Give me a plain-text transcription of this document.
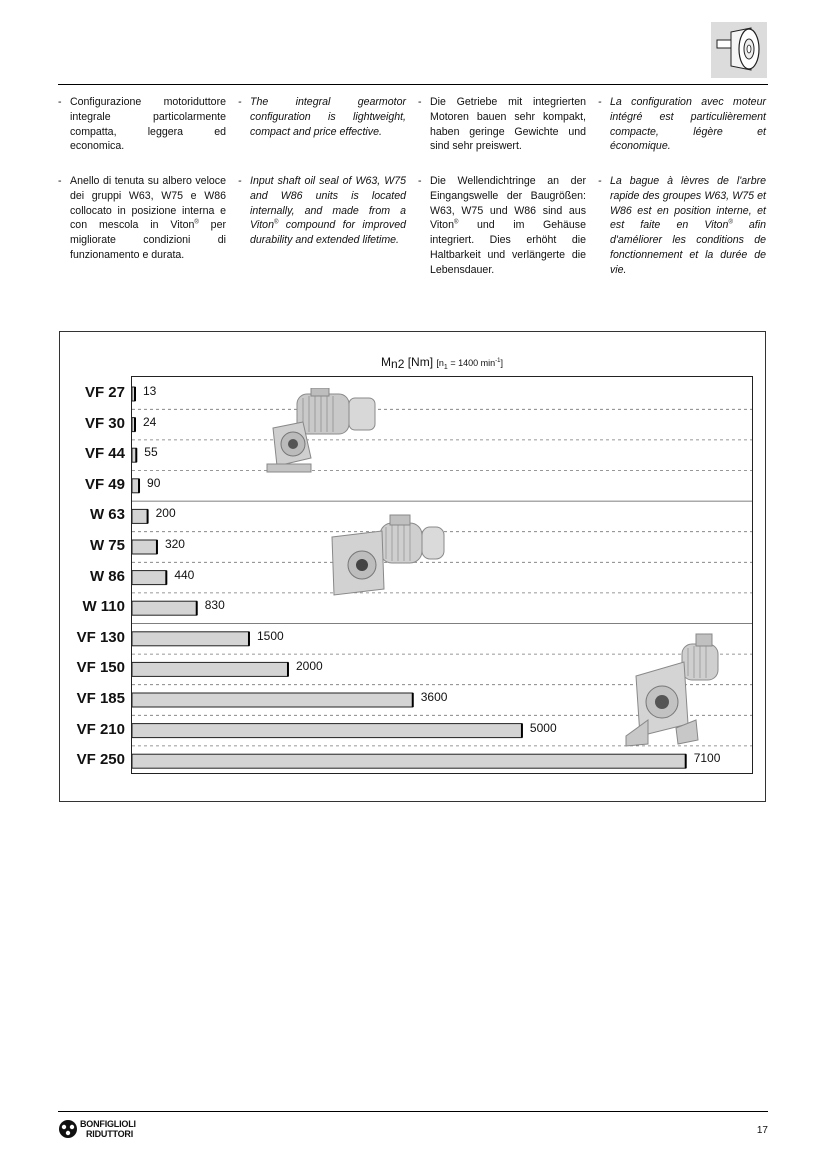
- Configurazione motoriduttore integrale particolarmente compatta, leggera ed economica.
- Anello di tenuta su albero veloce dei gruppi W63, W75 e W86 collocato in posizione interna e con mescola in Viton® per migliorate condizioni di funzionamento e durata.
- The integral gearmotor configuration is lightweight, compact and price effective.
- Input shaft oil seal of W63, W75 and W86 units is located internally, and made from a Viton® compound for improved durability and extended lifetime.
- Die Getriebe mit integrierten Motoren bauen sehr kompakt, haben geringe Gewichte und sind sehr preiswert.
- Die Wellendichtringe an der Eingangswelle der Baugrößen: W63, W75 und W86 sind aus Viton® und im Gehäuse integriert. Dies erhöht die Haltbarkeit und verlängerte die Lebensdauer.
- La configuration avec moteur intégré est particulièrement compacte, légère et économique.
- La bague à lèvres de l'arbre rapide des groupes W63, W75 et W86 est en position interne, et est faite en Viton® afin d'améliorer les conditions de fonctionnement et la durée de vie.
Mn2 [Nm] [$n_1 = 1400$ $\min^{-1}$]
VF 27
VF 30
VF 44
VF 49
W 63
W 75
W 86
W 110
VF 130
VF 150
VF 185
VF 210
VF 250
13
24
55
90
200
320
440
830
1500
2000
3600
5000
7100
BONFIGLIOLI
RIDUTTORI	17
